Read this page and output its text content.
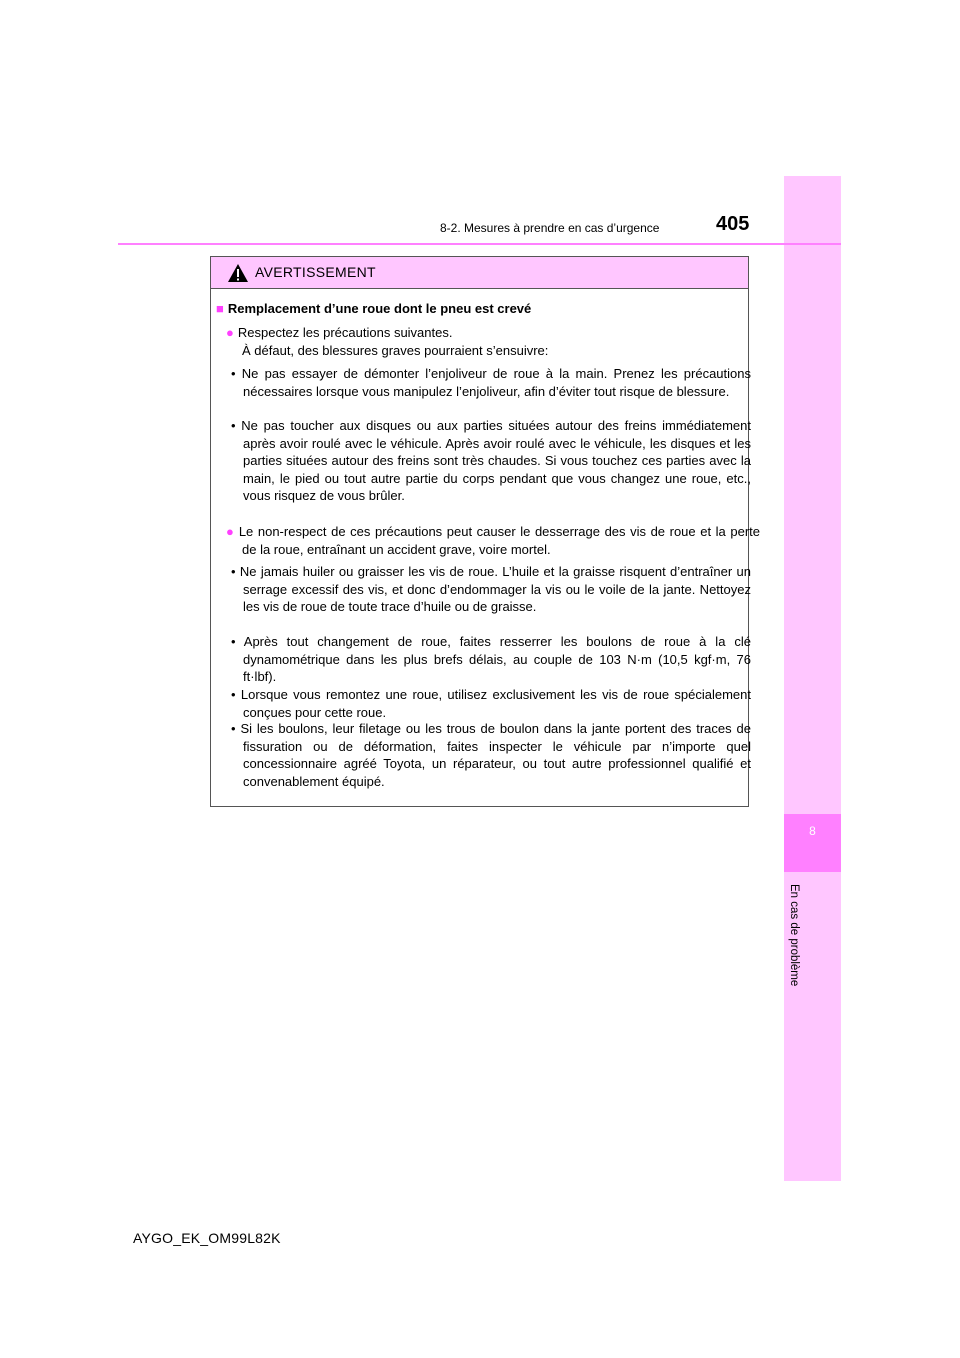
8
En cas de problème
8-2. Mesures à prendre en cas d’urgence	405
AVERTISSEMENT
■ Remplacement d’une roue dont le pneu est crevé
● Respectez les précautions suivantes.
À défaut, des blessures graves pourraient s’ensuivre:
• Ne pas essayer de démonter l’enjoliveur de roue à la main. Prenez les précautions nécessaires lorsque vous manipulez l’enjoliveur, afin d’éviter tout risque de blessure.
• Ne pas toucher aux disques ou aux parties situées autour des freins immédiatement après avoir roulé avec le véhicule. Après avoir roulé avec le véhicule, les disques et les parties situées autour des freins sont très chaudes. Si vous touchez ces parties avec la main, le pied ou tout autre partie du corps pendant que vous changez une roue, etc., vous risquez de vous brûler.
● Le non-respect de ces précautions peut causer le desserrage des vis de roue et la perte de la roue, entraînant un accident grave, voire mortel.
• Ne jamais huiler ou graisser les vis de roue. L’huile et la graisse risquent d’entraîner un serrage excessif des vis, et donc d’endommager la vis ou le voile de la jante. Nettoyez les vis de roue de toute trace d’huile ou de graisse.
• Après tout changement de roue, faites resserrer les boulons de roue à la clé dynamométrique dans les plus brefs délais, au couple de 103 N·m (10,5 kgf·m, 76 ft·lbf).
• Lorsque vous remontez une roue, utilisez exclusivement les vis de roue spécialement conçues pour cette roue.
• Si les boulons, leur filetage ou les trous de boulon dans la jante portent des traces de fissuration ou de déformation, faites inspecter le véhicule par n’importe quel concessionnaire agréé Toyota, un réparateur, ou tout autre professionnel qualifié et convenablement équipé.
AYGO_EK_OM99L82K
